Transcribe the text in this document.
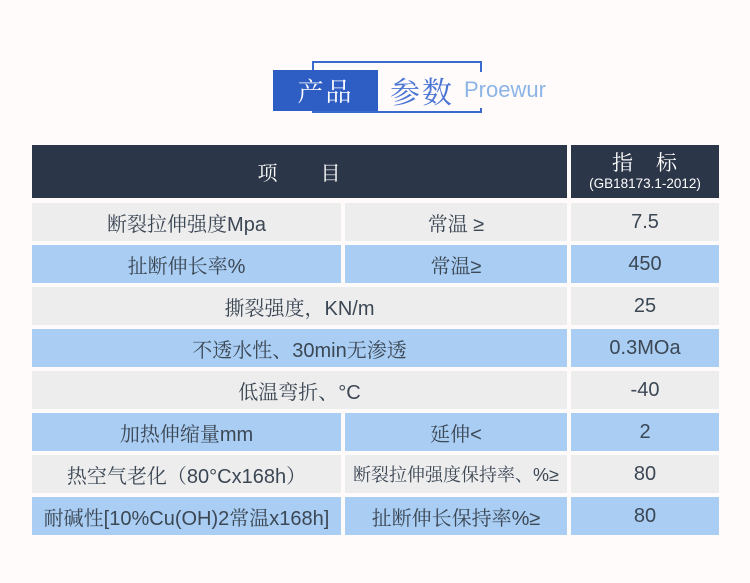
产品 参数 Proewur
项　　目	指　标
(GB18173.1-2012)
断裂拉伸强度Mpa	常温 ≥	7.5
扯断伸长率%	常温≥	450
撕裂强度，KN/m	25
不透水性、30min无渗透	0.3MOa
低温弯折、°C	-40
加热伸缩量mm	延伸<	2
热空气老化（80°Cx168h）	断裂拉伸强度保持率、%≥	80
耐碱性[10%Cu(OH)2常温x168h]	扯断伸长保持率%≥	80
